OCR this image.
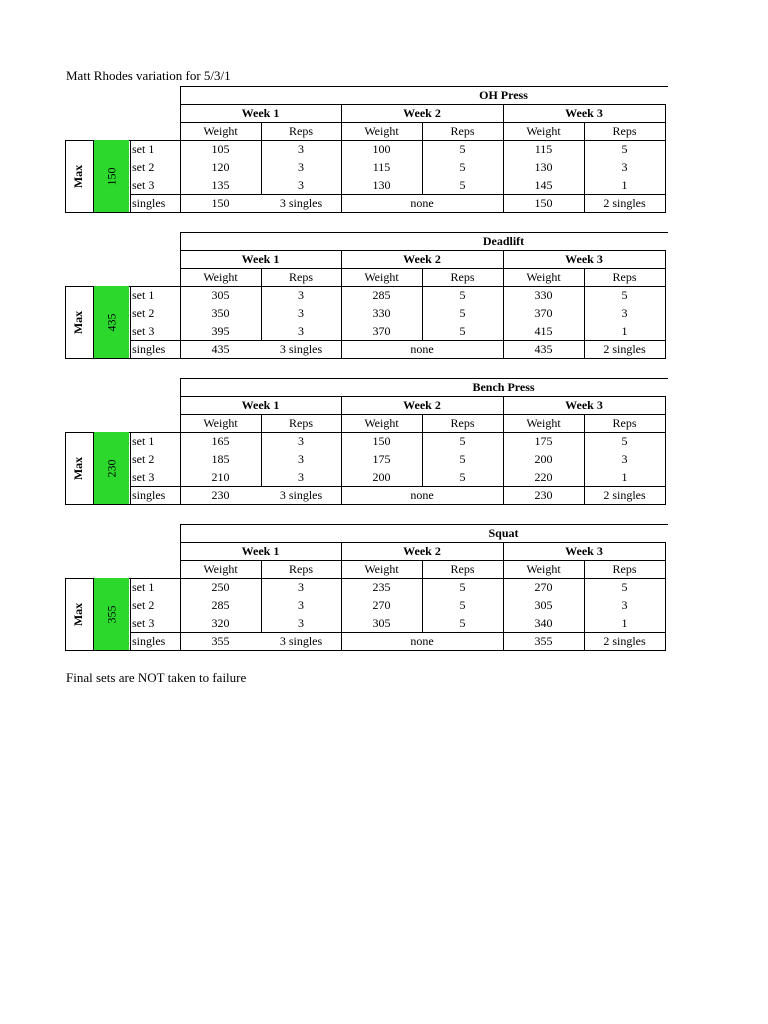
Matt Rhodes variation for 5/3/1
OH Press
Week 1	Week 2	Week 3
Weight	Reps	Weight	Reps	Weight	Reps
Max 150
set 1	105	3	100	5	115	5
set 2	120	3	115	5	130	3
set 3	135	3	130	5	145	1
singles	150	3 singles	none	150	2 singles
Deadlift
Week 1	Week 2	Week 3
Weight	Reps	Weight	Reps	Weight	Reps
Max 435
set 1	305	3	285	5	330	5
set 2	350	3	330	5	370	3
set 3	395	3	370	5	415	1
singles	435	3 singles	none	435	2 singles
Bench Press
Week 1	Week 2	Week 3
Weight	Reps	Weight	Reps	Weight	Reps
Max 230
set 1	165	3	150	5	175	5
set 2	185	3	175	5	200	3
set 3	210	3	200	5	220	1
singles	230	3 singles	none	230	2 singles
Squat
Week 1	Week 2	Week 3
Weight	Reps	Weight	Reps	Weight	Reps
Max 355
set 1	250	3	235	5	270	5
set 2	285	3	270	5	305	3
set 3	320	3	305	5	340	1
singles	355	3 singles	none	355	2 singles
Final sets are NOT taken to failure
